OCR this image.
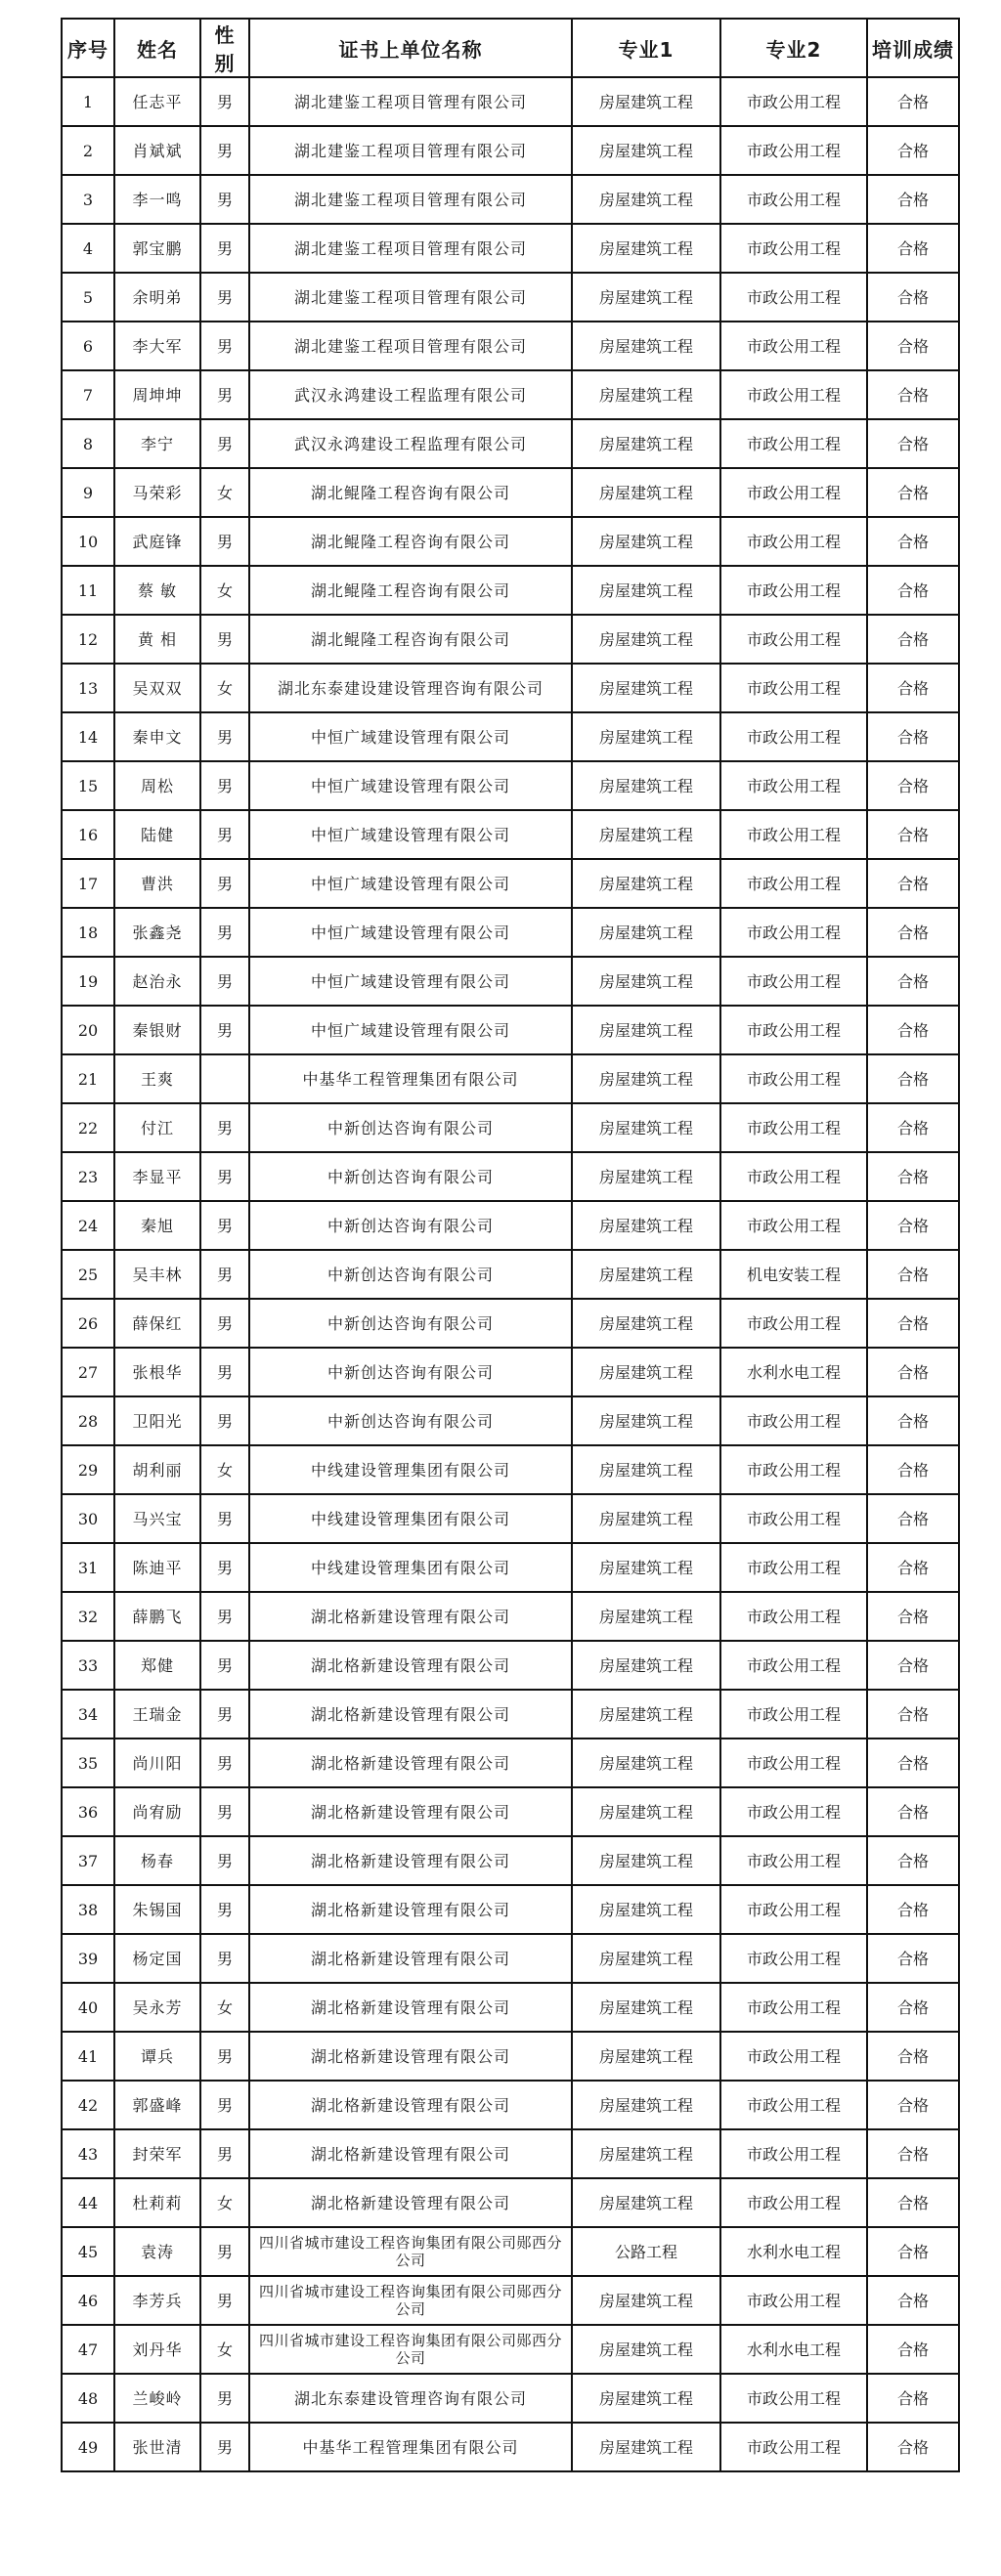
序号	姓名	性别	证书上单位名称	专业1	专业2	培训成绩
1	任志平	男	湖北建鉴工程项目管理有限公司	房屋建筑工程	市政公用工程	合格
2	肖斌斌	男	湖北建鉴工程项目管理有限公司	房屋建筑工程	市政公用工程	合格
3	李一鸣	男	湖北建鉴工程项目管理有限公司	房屋建筑工程	市政公用工程	合格
4	郭宝鹏	男	湖北建鉴工程项目管理有限公司	房屋建筑工程	市政公用工程	合格
5	余明弟	男	湖北建鉴工程项目管理有限公司	房屋建筑工程	市政公用工程	合格
6	李大军	男	湖北建鉴工程项目管理有限公司	房屋建筑工程	市政公用工程	合格
7	周坤坤	男	武汉永鸿建设工程监理有限公司	房屋建筑工程	市政公用工程	合格
8	李宁	男	武汉永鸿建设工程监理有限公司	房屋建筑工程	市政公用工程	合格
9	马荣彩	女	湖北鲲隆工程咨询有限公司	房屋建筑工程	市政公用工程	合格
10	武庭锋	男	湖北鲲隆工程咨询有限公司	房屋建筑工程	市政公用工程	合格
11	蔡 敏	女	湖北鲲隆工程咨询有限公司	房屋建筑工程	市政公用工程	合格
12	黄 相	男	湖北鲲隆工程咨询有限公司	房屋建筑工程	市政公用工程	合格
13	吴双双	女	湖北东泰建设建设管理咨询有限公司	房屋建筑工程	市政公用工程	合格
14	秦申文	男	中恒广域建设管理有限公司	房屋建筑工程	市政公用工程	合格
15	周松	男	中恒广域建设管理有限公司	房屋建筑工程	市政公用工程	合格
16	陆健	男	中恒广域建设管理有限公司	房屋建筑工程	市政公用工程	合格
17	曹洪	男	中恒广域建设管理有限公司	房屋建筑工程	市政公用工程	合格
18	张鑫尧	男	中恒广域建设管理有限公司	房屋建筑工程	市政公用工程	合格
19	赵治永	男	中恒广域建设管理有限公司	房屋建筑工程	市政公用工程	合格
20	秦银财	男	中恒广域建设管理有限公司	房屋建筑工程	市政公用工程	合格
21	王爽		中基华工程管理集团有限公司	房屋建筑工程	市政公用工程	合格
22	付江	男	中新创达咨询有限公司	房屋建筑工程	市政公用工程	合格
23	李显平	男	中新创达咨询有限公司	房屋建筑工程	市政公用工程	合格
24	秦旭	男	中新创达咨询有限公司	房屋建筑工程	市政公用工程	合格
25	吴丰林	男	中新创达咨询有限公司	房屋建筑工程	机电安装工程	合格
26	薛保红	男	中新创达咨询有限公司	房屋建筑工程	市政公用工程	合格
27	张根华	男	中新创达咨询有限公司	房屋建筑工程	水利水电工程	合格
28	卫阳光	男	中新创达咨询有限公司	房屋建筑工程	市政公用工程	合格
29	胡利丽	女	中线建设管理集团有限公司	房屋建筑工程	市政公用工程	合格
30	马兴宝	男	中线建设管理集团有限公司	房屋建筑工程	市政公用工程	合格
31	陈迪平	男	中线建设管理集团有限公司	房屋建筑工程	市政公用工程	合格
32	薛鹏飞	男	湖北格新建设管理有限公司	房屋建筑工程	市政公用工程	合格
33	郑健	男	湖北格新建设管理有限公司	房屋建筑工程	市政公用工程	合格
34	王瑞金	男	湖北格新建设管理有限公司	房屋建筑工程	市政公用工程	合格
35	尚川阳	男	湖北格新建设管理有限公司	房屋建筑工程	市政公用工程	合格
36	尚宥励	男	湖北格新建设管理有限公司	房屋建筑工程	市政公用工程	合格
37	杨春	男	湖北格新建设管理有限公司	房屋建筑工程	市政公用工程	合格
38	朱锡国	男	湖北格新建设管理有限公司	房屋建筑工程	市政公用工程	合格
39	杨定国	男	湖北格新建设管理有限公司	房屋建筑工程	市政公用工程	合格
40	吴永芳	女	湖北格新建设管理有限公司	房屋建筑工程	市政公用工程	合格
41	谭兵	男	湖北格新建设管理有限公司	房屋建筑工程	市政公用工程	合格
42	郭盛峰	男	湖北格新建设管理有限公司	房屋建筑工程	市政公用工程	合格
43	封荣军	男	湖北格新建设管理有限公司	房屋建筑工程	市政公用工程	合格
44	杜莉莉	女	湖北格新建设管理有限公司	房屋建筑工程	市政公用工程	合格
45	袁涛	男	四川省城市建设工程咨询集团有限公司郧西分公司	公路工程	水利水电工程	合格
46	李芳兵	男	四川省城市建设工程咨询集团有限公司郧西分公司	房屋建筑工程	市政公用工程	合格
47	刘丹华	女	四川省城市建设工程咨询集团有限公司郧西分公司	房屋建筑工程	水利水电工程	合格
48	兰峻岭	男	湖北东泰建设管理咨询有限公司	房屋建筑工程	市政公用工程	合格
49	张世清	男	中基华工程管理集团有限公司	房屋建筑工程	市政公用工程	合格
